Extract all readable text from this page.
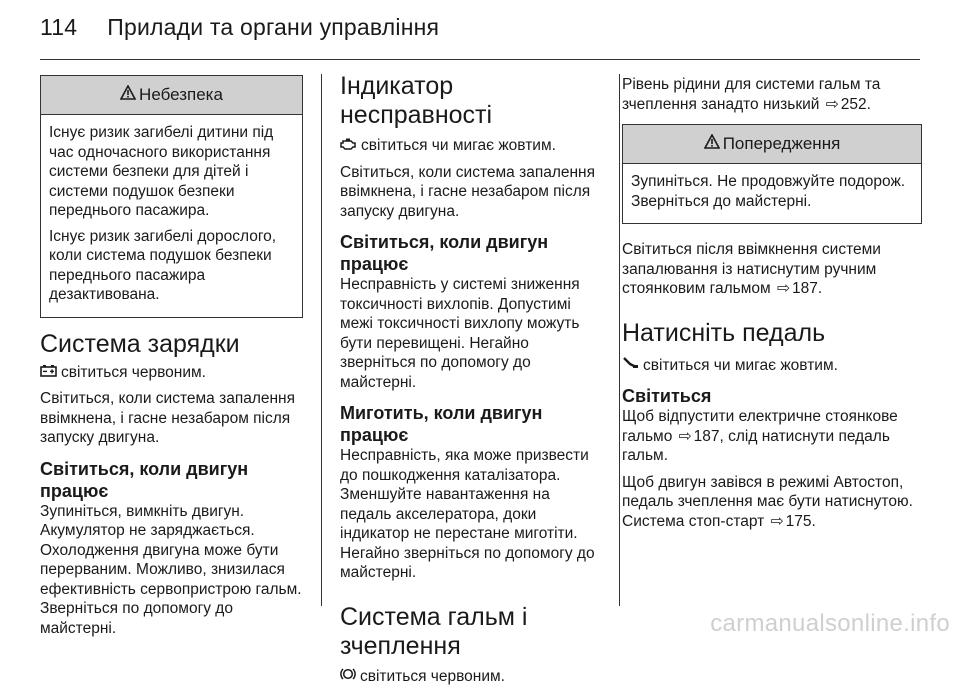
114 Прилади та органи управління
Небезпека

Існує ризик загибелі дитини під час одночасного використання системи безпеки для дітей і системи подушок безпеки переднього пасажира.

Існує ризик загибелі дорослого, коли система подушок безпеки переднього пасажира дезактивована.

Система зарядки

світиться червоним.

Світиться, коли система запалення ввімкнена, і гасне незабаром після запуску двигуна.

Світиться, коли двигун працює

Зупиніться, вимкніть двигун. Акумулятор не заряджається. Охолодження двигуна може бути перерваним. Можливо, знизилася ефективність сервопристрою гальм. Зверніться по допомогу до майстерні.

Індикатор несправності

світиться чи мигає жовтим.

Світиться, коли система запалення ввімкнена, і гасне незабаром після запуску двигуна.

Світиться, коли двигун працює

Несправність у системі зниження токсичності вихлопів. Допустимі межі токсичності вихлопу можуть бути перевищені. Негайно зверніться по допомогу до майстерні.

Миготить, коли двигун працює

Несправність, яка може призвести до пошкодження каталізатора. Зменшуйте навантаження на педаль акселератора, доки індикатор не перестане миготіти. Негайно зверніться по допомогу до майстерні.

Система гальм і зчеплення

світиться червоним.

Рівень рідини для системи гальм та зчеплення занадто низький ⇨ 252.

Попередження

Зупиніться. Не продовжуйте подорож. Зверніться до майстерні.

Світиться після ввімкнення системи запалювання із натиснутим ручним стоянковим гальмом ⇨ 187.

Натисніть педаль

світиться чи мигає жовтим.

Світиться

Щоб відпустити електричне стоянкове гальмо ⇨ 187, слід натиснути педаль гальм.

Щоб двигун завівся в режимі Автостоп, педаль зчеплення має бути натиснутою. Система стоп-старт ⇨ 175.

carmanualsonline.info
